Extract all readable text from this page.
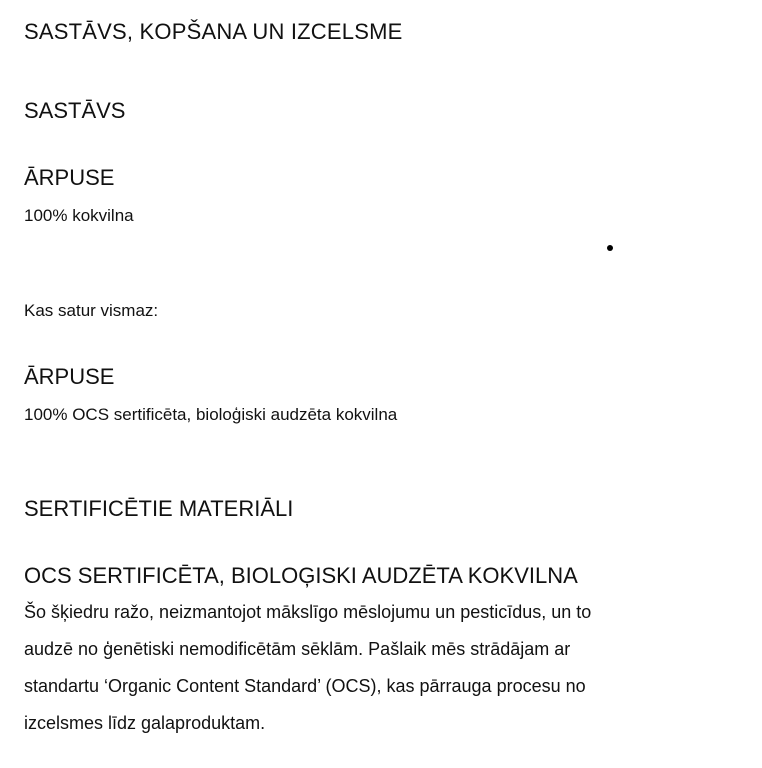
SASTĀVS, KOPŠANA UN IZCELSME
SASTĀVS
ĀRPUSE
100% kokvilna
Kas satur vismaz:
ĀRPUSE
100% OCS sertificēta, bioloģiski audzēta kokvilna
SERTIFICĒTIE MATERIĀLI
OCS SERTIFICĒTA, BIOLOĢISKI AUDZĒTA KOKVILNA
Šo šķiedru ražo, neizmantojot mākslīgo mēslojumu un pesticīdus, un to
audzē no ģenētiski nemodificētām sēklām. Pašlaik mēs strādājam ar
standartu ‘Organic Content Standard’ (OCS), kas pārrauga procesu no
izcelsmes līdz galaproduktam.
